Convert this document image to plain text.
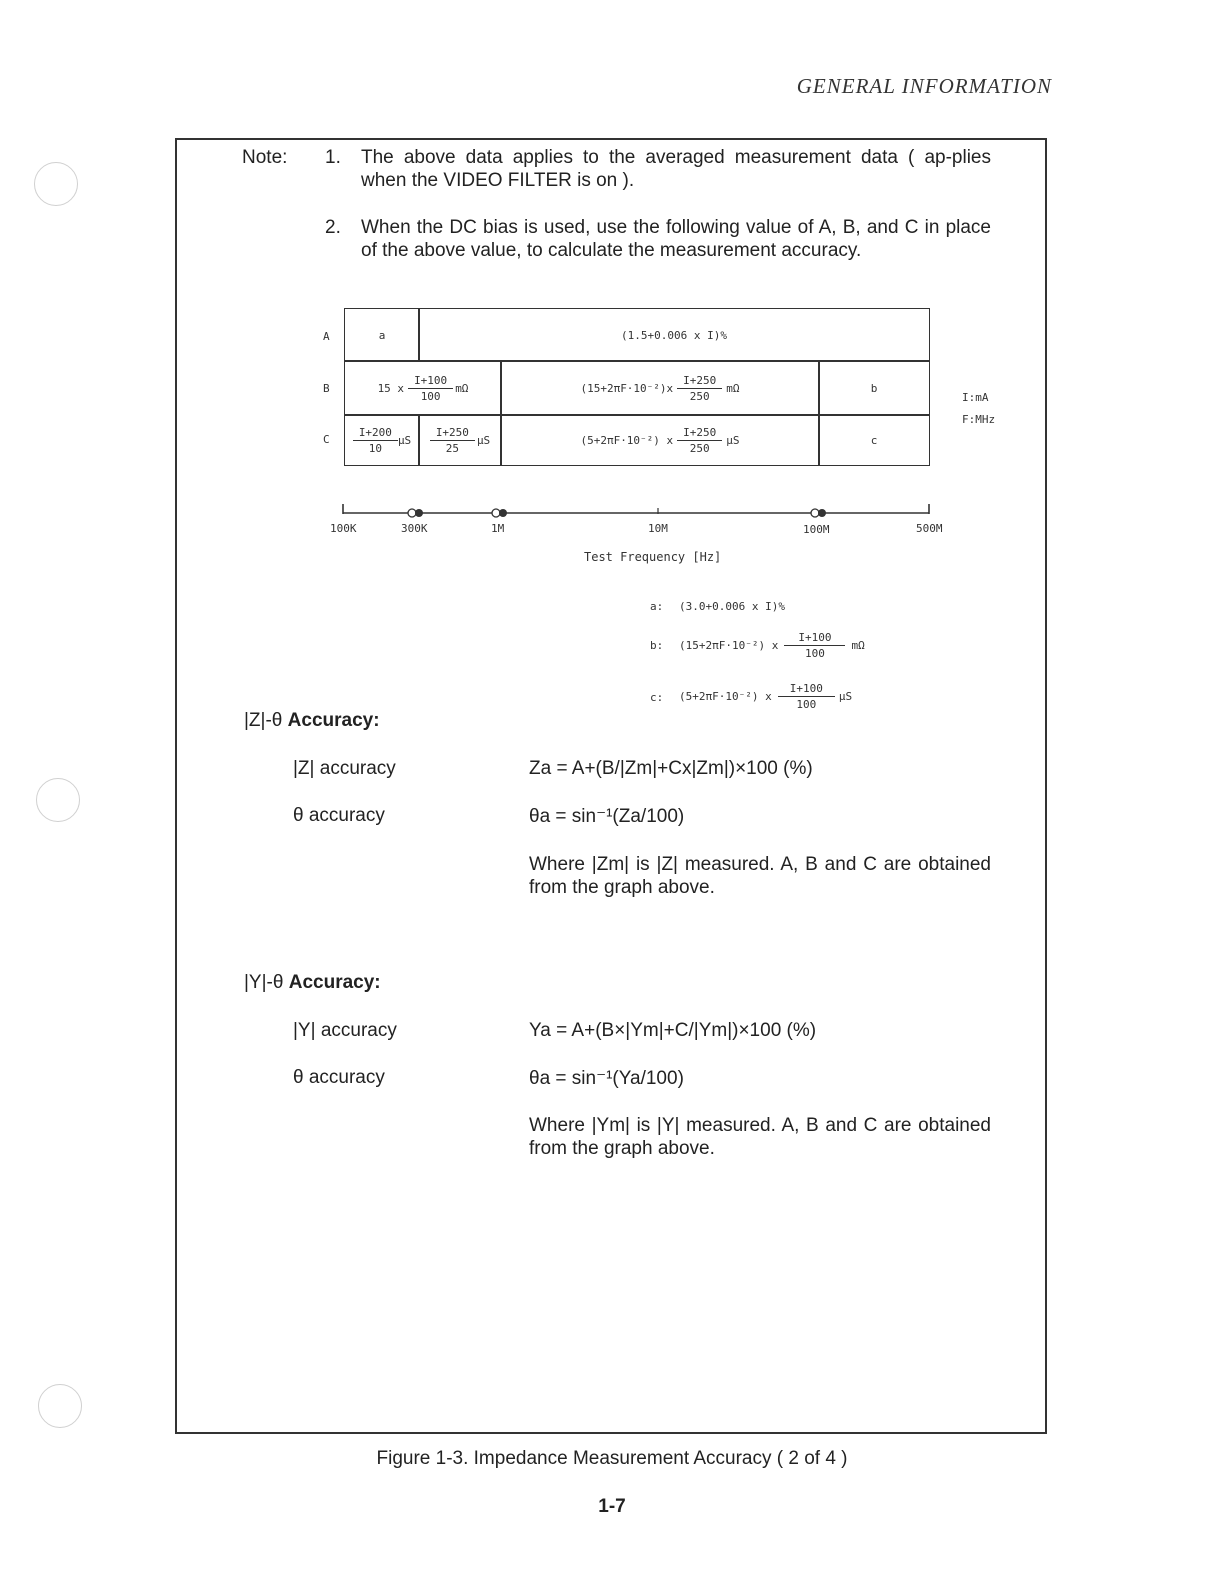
GENERAL INFORMATION
Note: 1. The above data applies to the averaged measurement data ( ap-plies when the VIDEO FILTER is on ).
2. When the DC bias is used, use the following value of A, B, and C in place of the above value, to calculate the measurement accuracy.
A
B
C
a	(1.5+0.006 x I)%
15 x $\frac{I+100}{100}$ mΩ	$(15+2\pi F\cdot 10^{-2})x \frac{I+250}{250}$ mΩ	b
$\frac{I+200}{10}$ μS $\frac{I+250}{25}$ μS	(5+2πF·10⁻²) x $\frac{I+250}{250}$ μS	c
I:mA
F:MHz
100K	300K	1M	10M	100M	500M
Test Frequency [Hz]
a: (3.0+0.006 x I)%
b: (15+2πF·10⁻²) x $\frac{I+100}{100}$ mΩ
c: (5+2πF·10⁻²) x $\frac{I+100}{100}$ μS
|Z|-θ Accuracy:
|Z| accuracy	Za = A+(B/|Zm|+Cx|Zm|)×100 (%)
θ accuracy	θa = sin⁻¹(Za/100)
Where |Zm| is |Z| measured. A, B and C are obtained from the graph above.
|Y|-θ Accuracy:
|Y| accuracy	Ya = A+(B×|Ym|+C/|Ym|)×100 (%)
θ accuracy	θa = sin⁻¹(Ya/100)
Where |Ym| is |Y| measured. A, B and C are obtained from the graph above.
Figure 1-3. Impedance Measurement Accuracy ( 2 of 4 )
1-7
